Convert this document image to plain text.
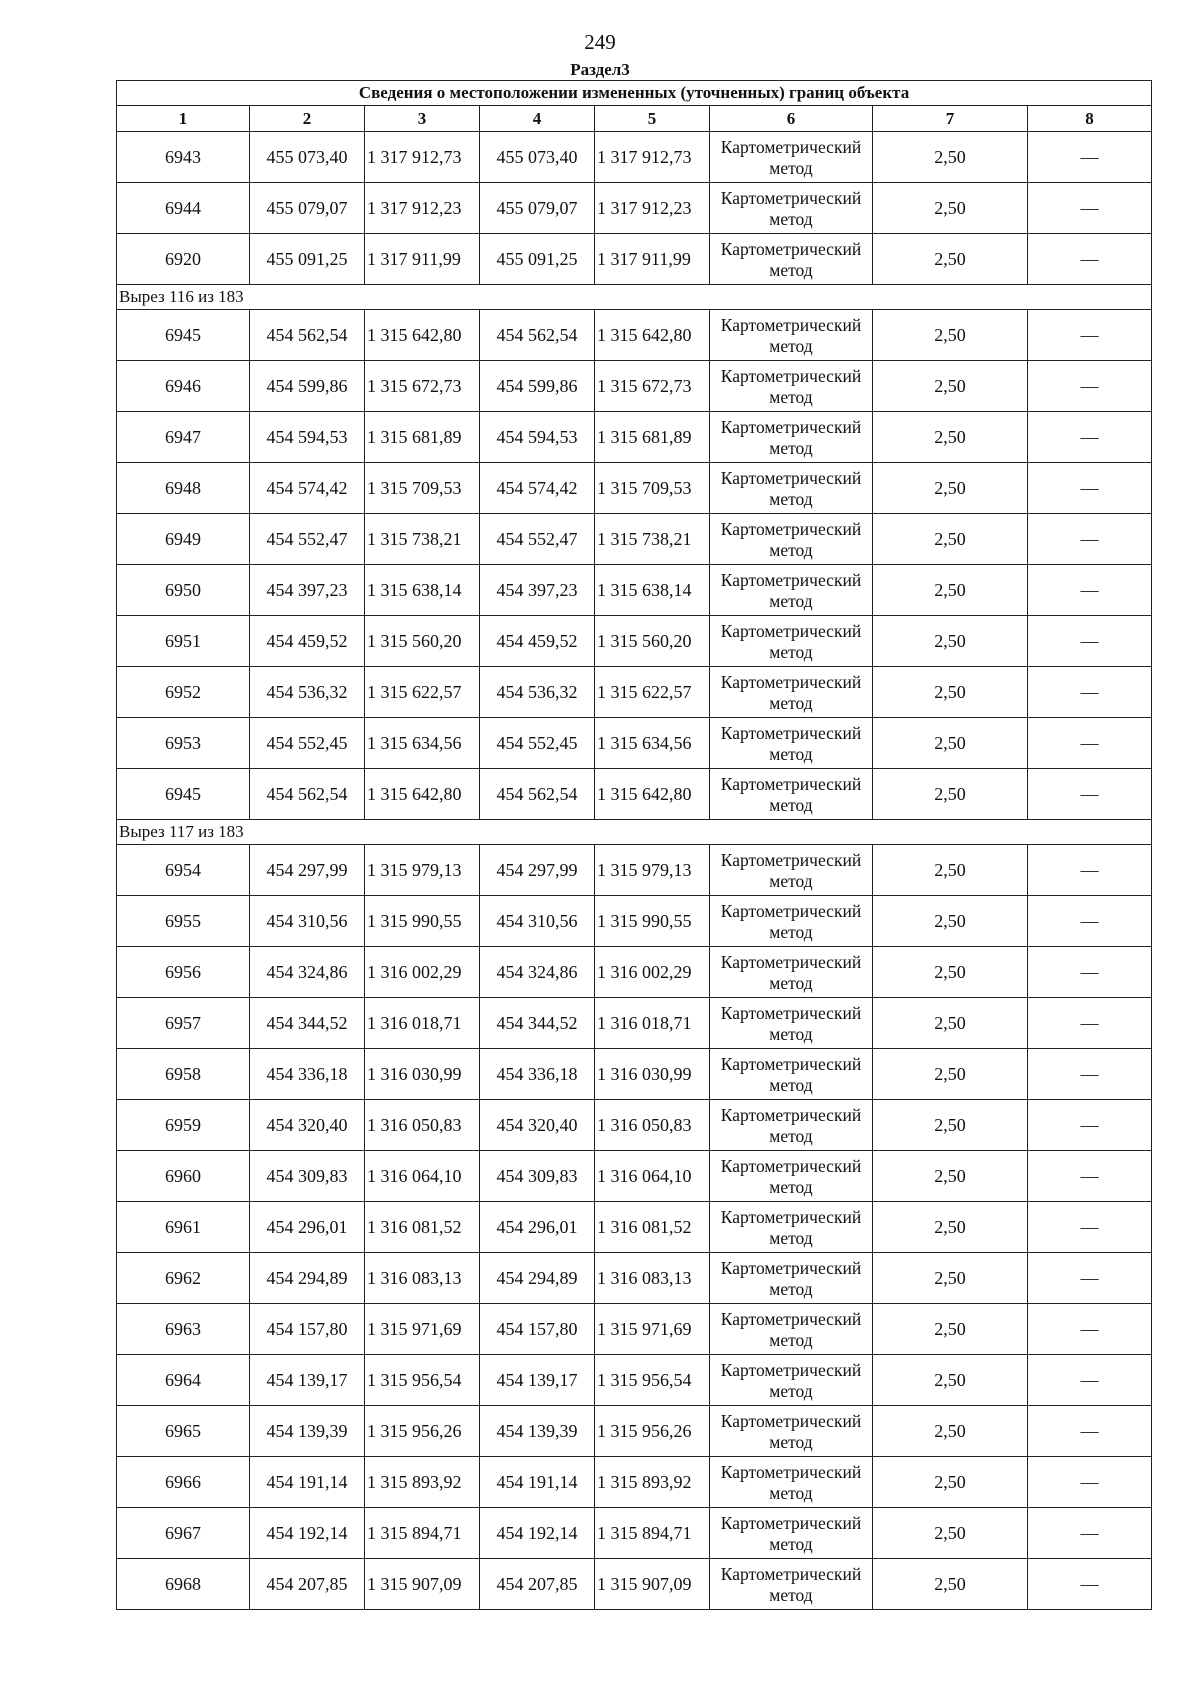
249
Раздел3
Сведения о местоположении измененных (уточненных) границ объекта							
1	2	3	4	5	6	7	8
6943	455 073,40	1 317 912,73	455 073,40	1 317 912,73	Картометрический метод	2,50	—
6944	455 079,07	1 317 912,23	455 079,07	1 317 912,23	Картометрический метод	2,50	—
6920	455 091,25	1 317 911,99	455 091,25	1 317 911,99	Картометрический метод	2,50	—
Вырез 116 из 183							
6945	454 562,54	1 315 642,80	454 562,54	1 315 642,80	Картометрический метод	2,50	—
6946	454 599,86	1 315 672,73	454 599,86	1 315 672,73	Картометрический метод	2,50	—
6947	454 594,53	1 315 681,89	454 594,53	1 315 681,89	Картометрический метод	2,50	—
6948	454 574,42	1 315 709,53	454 574,42	1 315 709,53	Картометрический метод	2,50	—
6949	454 552,47	1 315 738,21	454 552,47	1 315 738,21	Картометрический метод	2,50	—
6950	454 397,23	1 315 638,14	454 397,23	1 315 638,14	Картометрический метод	2,50	—
6951	454 459,52	1 315 560,20	454 459,52	1 315 560,20	Картометрический метод	2,50	—
6952	454 536,32	1 315 622,57	454 536,32	1 315 622,57	Картометрический метод	2,50	—
6953	454 552,45	1 315 634,56	454 552,45	1 315 634,56	Картометрический метод	2,50	—
6945	454 562,54	1 315 642,80	454 562,54	1 315 642,80	Картометрический метод	2,50	—
Вырез 117 из 183							
6954	454 297,99	1 315 979,13	454 297,99	1 315 979,13	Картометрический метод	2,50	—
6955	454 310,56	1 315 990,55	454 310,56	1 315 990,55	Картометрический метод	2,50	—
6956	454 324,86	1 316 002,29	454 324,86	1 316 002,29	Картометрический метод	2,50	—
6957	454 344,52	1 316 018,71	454 344,52	1 316 018,71	Картометрический метод	2,50	—
6958	454 336,18	1 316 030,99	454 336,18	1 316 030,99	Картометрический метод	2,50	—
6959	454 320,40	1 316 050,83	454 320,40	1 316 050,83	Картометрический метод	2,50	—
6960	454 309,83	1 316 064,10	454 309,83	1 316 064,10	Картометрический метод	2,50	—
6961	454 296,01	1 316 081,52	454 296,01	1 316 081,52	Картометрический метод	2,50	—
6962	454 294,89	1 316 083,13	454 294,89	1 316 083,13	Картометрический метод	2,50	—
6963	454 157,80	1 315 971,69	454 157,80	1 315 971,69	Картометрический метод	2,50	—
6964	454 139,17	1 315 956,54	454 139,17	1 315 956,54	Картометрический метод	2,50	—
6965	454 139,39	1 315 956,26	454 139,39	1 315 956,26	Картометрический метод	2,50	—
6966	454 191,14	1 315 893,92	454 191,14	1 315 893,92	Картометрический метод	2,50	—
6967	454 192,14	1 315 894,71	454 192,14	1 315 894,71	Картометрический метод	2,50	—
6968	454 207,85	1 315 907,09	454 207,85	1 315 907,09	Картометрический метод	2,50	—
